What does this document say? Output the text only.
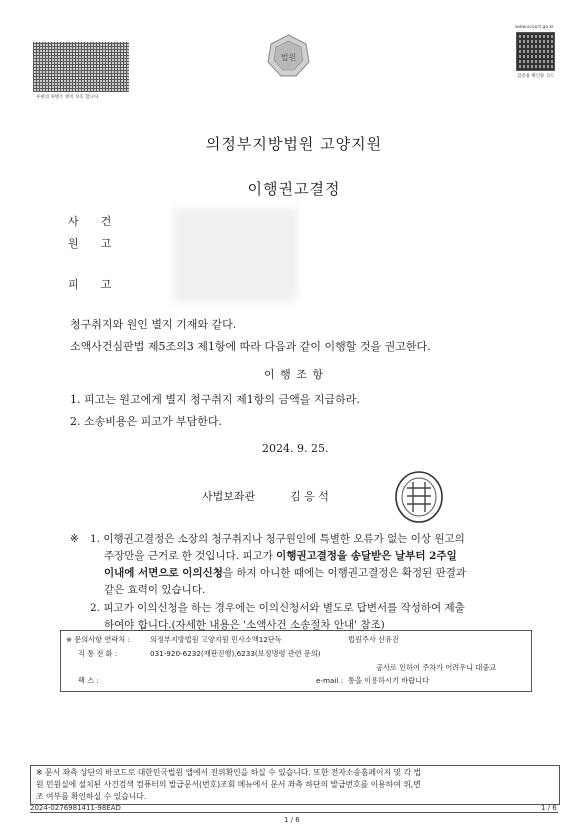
우편의 위변조 방지 보호 합니다.
법원
www.scourt.go.kr
검증용 확인용 코드
의정부지방법원 고양지원
이행권고결정
사건
원고
피고
청구취지와 원인 별지 기재와 같다.
소액사건심판법 제5조의3 제1항에 따라 다음과 같이 이행할 것을 권고한다.
이 행 조 항
1. 피고는 원고에게 별지 청구취지 제1항의 금액을 지급하라.
2. 소송비용은 피고가 부담한다.
2024. 9. 25.
사법보좌관	김 응 석
※ 1. 이행권고결정은 소장의 청구취지나 청구원인에 특별한 오류가 없는 이상 원고의
주장만을 근거로 한 것입니다. 피고가 이행권고결정을 송달받은 날부터 2주일
이내에 서면으로 이의신청을 하지 아니한 때에는 이행권고결정은 확정된 판결과
같은 효력이 있습니다.
2. 피고가 이의신청을 하는 경우에는 이의신청서와 별도로 답변서를 작성하여 제출
하여야 합니다.(자세한 내용은 '소액사건 소송절차 안내' 참조)
※ 문의사항 연락처 :	의정부지방법원 고양지원 민사소액12단독	법원주사 신유진
직 통 전 화 :	031-920-6232(재판진행),6233(보정명령 관련 문의)
공사로 인하여 주차가 어려우니 대중교
팩 스 :	e-mail : 통을 이용하시기 바랍니다
※ 문서 좌측 상단의 바코드로 대한민국법원 앱에서 진위확인을 하실 수 있습니다. 또한 전자소송홈페이지 및 각 법
원 민원실에 설치된 사건검색 컴퓨터의 발급문서(번호)조회 메뉴에서 문서 좌측 하단의 발급번호를 이용하여 위,변
조 여부를 확인하실 수 있습니다.
2024-0276981411-98EAD
1 / 6
1 / 6
